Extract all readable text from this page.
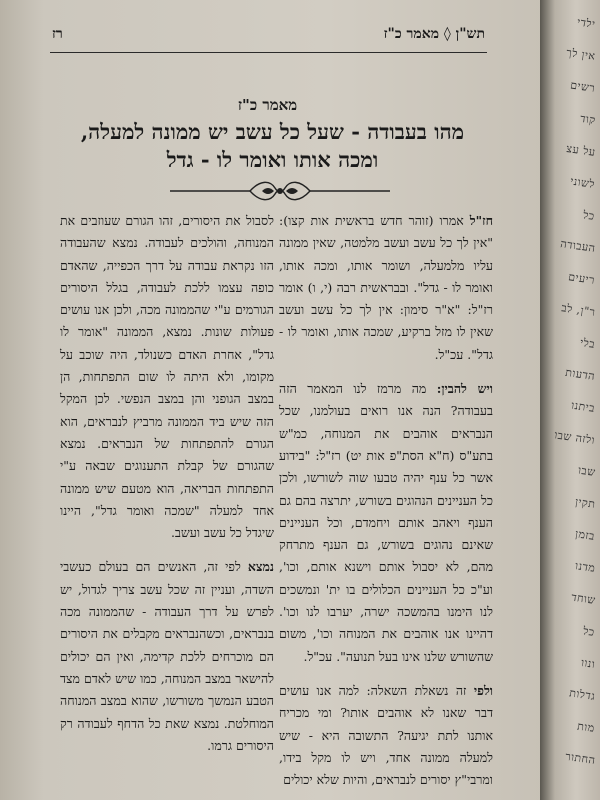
תש"ן ◊ מאמר כ"ז
רז
מאמר כ"ז
מהו בעבודה - שעל כל עשב יש ממונה למעלה,
ומכה אותו ואומר לו - גדל

חז"ל אמרו (זוהר חדש בראשית אות קצו): "אין לך כל עשב ועשב מלמטה, שאין ממונה עליו מלמעלה, ושומר אותו, ומכה אותו, ואומר לו - גדל". ובבראשית רבה (י, ו) אומר רז"ל: "א"ר סימון: אין לך כל עשב ועשב שאין לו מזל ברקיע, שמכה אותו, ואומר לו - גדל". עכ"ל.

ויש להבין: מה מרמז לנו המאמר הזה בעבודה? הנה אנו רואים בעולמנו, שכל הנבראים אוהבים את המנוחה, כמ"ש בתע"ס (ח"א הסת"פ אות יט) רז"ל: "בידוע אשר כל ענף יהיה טבעו שוה לשורשו, ולכן כל העניינים הנהוגים בשורש, יתרצה בהם גם הענף ויאהב אותם ויחמדם, וכל העניינים שאינם נהוגים בשורש, גם הענף מתרחק מהם, לא יסבול אותם וישנא אותם, וכו', וע"כ כל העניינים הכלולים בו ית' ונמשכים לנו הימנו בהמשכה ישרה, יערבו לנו וכו'. דהיינו אנו אוהבים את המנוחה וכו', משום שהשורש שלנו אינו בעל תנועה". עכ"ל.

ולפי זה נשאלת השאלה: למה אנו עושים דבר שאנו לא אוהבים אותו? ומי מכריח אותנו לתת יגיעה? התשובה היא - שיש למעלה ממונה אחד, ויש לו מקל בידו, ומרבי"ץ יסורים לנבראים, והיות שלא יכולים

לסבול את היסורים, זהו הגורם שעוזבים את המנוחה, והולכים לעבודה. נמצא שהעבודה הזו נקראת עבודה על דרך הכפייה, שהאדם כופה עצמו ללכת לעבודה, בגלל היסורים הגורמים ע"י שהממונה מכה, ולכן אנו עושים פעולות שונות. נמצא, הממונה "אומר לו גדל", אחרת האדם כשנולד, היה שוכב על מקומו, ולא היתה לו שום התפתחות, הן במצב הגופני והן במצב הנפשי. לכן המקל הזה שיש ביד הממונה מרביץ לנבראים, הוא הגורם להתפתחות של הנבראים. נמצא שהגורם של קבלת התענוגים שבאה ע"י התפתחות הבריאה, הוא מטעם שיש ממונה אחד למעלה "שמכה ואומר גדל", היינו שיגדל כל עשב ועשב.

נמצא לפי זה, האנשים הם בעולם כעשבי השדה, ועניין זה שכל עשב צריך לגדול, יש לפרש על דרך העבודה - שהממונה מכה בנבראים, וכשהנבראים מקבלים את היסורים הם מוכרחים ללכת קדימה, ואין הם יכולים להישאר במצב המנוחה, כמו שיש לאדם מצד הטבע הנמשך משורשו, שהוא במצב המנוחה המוחלטת. נמצא שאת כל הדחף לעבודה רק היסורים גרמו.

ילדי
אין לך
רשים
קוד
על עצ
לשוני
כל
העבודה
ריעים
ר"ן, לב
בלי
הדעות
ביתנו
ולזה שבו
שבו
תקין
בזמן
מדנו
שוחד
כל
ונוו
גדלות
מות
החתור
